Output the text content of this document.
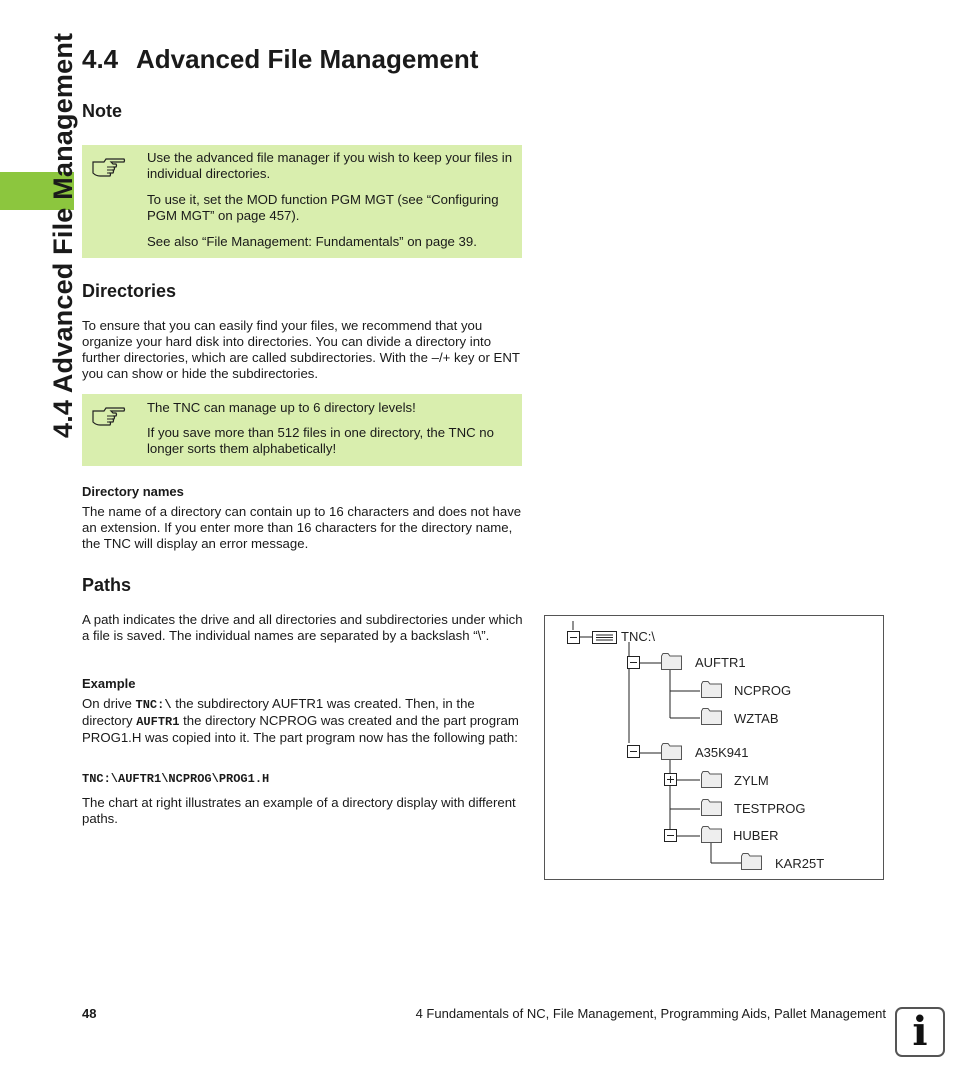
4.4 Advanced File Management 4.4 Advanced File Management
Note
Use the advanced file manager if you wish to keep your files in individual directories.
To use it, set the MOD function PGM MGT (see “Configuring PGM MGT” on page 457).
See also “File Management: Fundamentals” on page 39.
Directories
To ensure that you can easily find your files, we recommend that you organize your hard disk into directories. You can divide a directory into further directories, which are called subdirectories. With the –/+ key or ENT you can show or hide the subdirectories.
The TNC can manage up to 6 directory levels!
If you save more than 512 files in one directory, the TNC no longer sorts them alphabetically!
Directory names
The name of a directory can contain up to 16 characters and does not have an extension. If you enter more than 16 characters for the directory name, the TNC will display an error message.
Paths
A path indicates the drive and all directories and subdirectories under which a file is saved. The individual names are separated by a backslash “\”.
Example
On drive TNC:\ the subdirectory AUFTR1 was created. Then, in the directory AUFTR1 the directory NCPROG was created and the part program PROG1.H was copied into it. The part program now has the following path:
TNC:\AUFTR1\NCPROG\PROG1.H
The chart at right illustrates an example of a directory display with different paths.
TNC:\
AUFTR1
NCPROG
WZTAB
A35K941
ZYLM
TESTPROG
HUBER
KAR25T
48	4 Fundamentals of NC, File Management, Programming Aids, Pallet Management i
